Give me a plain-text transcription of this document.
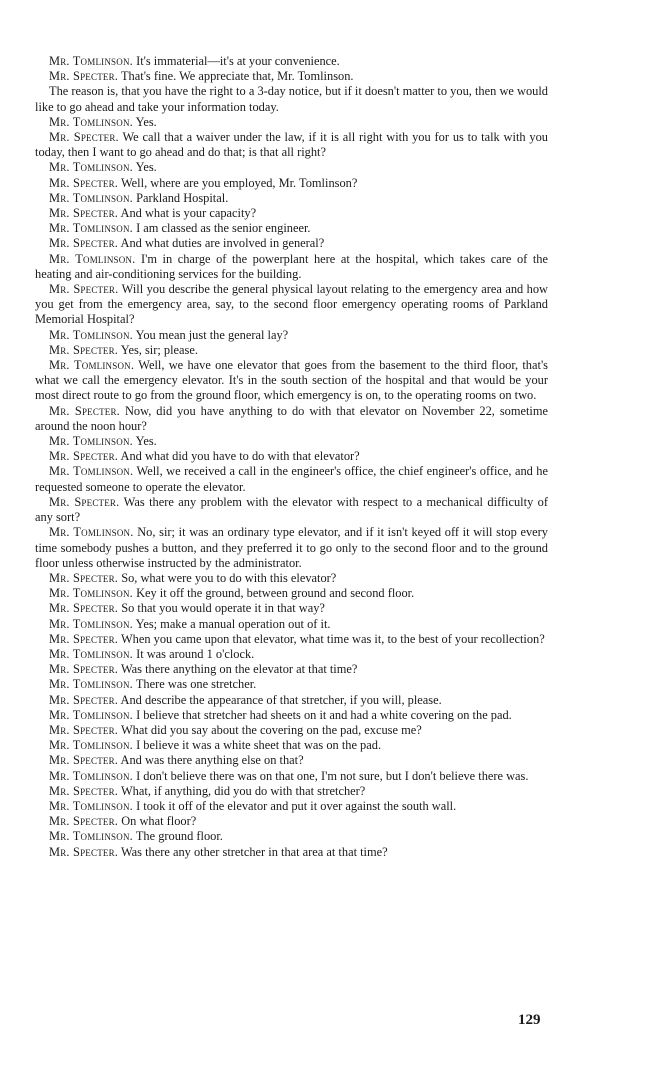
Mr. Tomlinson. It's immaterial—it's at your convenience.

Mr. Specter. That's fine. We appreciate that, Mr. Tomlinson.

The reason is, that you have the right to a 3-day notice, but if it doesn't matter to you, then we would like to go ahead and take your information today.

Mr. Tomlinson. Yes.

Mr. Specter. We call that a waiver under the law, if it is all right with you for us to talk with you today, then I want to go ahead and do that; is that all right?

Mr. Tomlinson. Yes.

Mr. Specter. Well, where are you employed, Mr. Tomlinson?

Mr. Tomlinson. Parkland Hospital.

Mr. Specter. And what is your capacity?

Mr. Tomlinson. I am classed as the senior engineer.

Mr. Specter. And what duties are involved in general?

Mr. Tomlinson. I'm in charge of the powerplant here at the hospital, which takes care of the heating and air-conditioning services for the building.

Mr. Specter. Will you describe the general physical layout relating to the emergency area and how you get from the emergency area, say, to the second floor emergency operating rooms of Parkland Memorial Hospital?

Mr. Tomlinson. You mean just the general lay?

Mr. Specter. Yes, sir; please.

Mr. Tomlinson. Well, we have one elevator that goes from the basement to the third floor, that's what we call the emergency elevator. It's in the south section of the hospital and that would be your most direct route to go from the ground floor, which emergency is on, to the operating rooms on two.

Mr. Specter. Now, did you have anything to do with that elevator on November 22, sometime around the noon hour?

Mr. Tomlinson. Yes.

Mr. Specter. And what did you have to do with that elevator?

Mr. Tomlinson. Well, we received a call in the engineer's office, the chief engineer's office, and he requested someone to operate the elevator.

Mr. Specter. Was there any problem with the elevator with respect to a mechanical difficulty of any sort?

Mr. Tomlinson. No, sir; it was an ordinary type elevator, and if it isn't keyed off it will stop every time somebody pushes a button, and they preferred it to go only to the second floor and to the ground floor unless otherwise instructed by the administrator.

Mr. Specter. So, what were you to do with this elevator?

Mr. Tomlinson. Key it off the ground, between ground and second floor.

Mr. Specter. So that you would operate it in that way?

Mr. Tomlinson. Yes; make a manual operation out of it.

Mr. Specter. When you came upon that elevator, what time was it, to the best of your recollection?

Mr. Tomlinson. It was around 1 o'clock.

Mr. Specter. Was there anything on the elevator at that time?

Mr. Tomlinson. There was one stretcher.

Mr. Specter. And describe the appearance of that stretcher, if you will, please.

Mr. Tomlinson. I believe that stretcher had sheets on it and had a white covering on the pad.

Mr. Specter. What did you say about the covering on the pad, excuse me?

Mr. Tomlinson. I believe it was a white sheet that was on the pad.

Mr. Specter. And was there anything else on that?

Mr. Tomlinson. I don't believe there was on that one, I'm not sure, but I don't believe there was.

Mr. Specter. What, if anything, did you do with that stretcher?

Mr. Tomlinson. I took it off of the elevator and put it over against the south wall.

Mr. Specter. On what floor?

Mr. Tomlinson. The ground floor.

Mr. Specter. Was there any other stretcher in that area at that time?

129
